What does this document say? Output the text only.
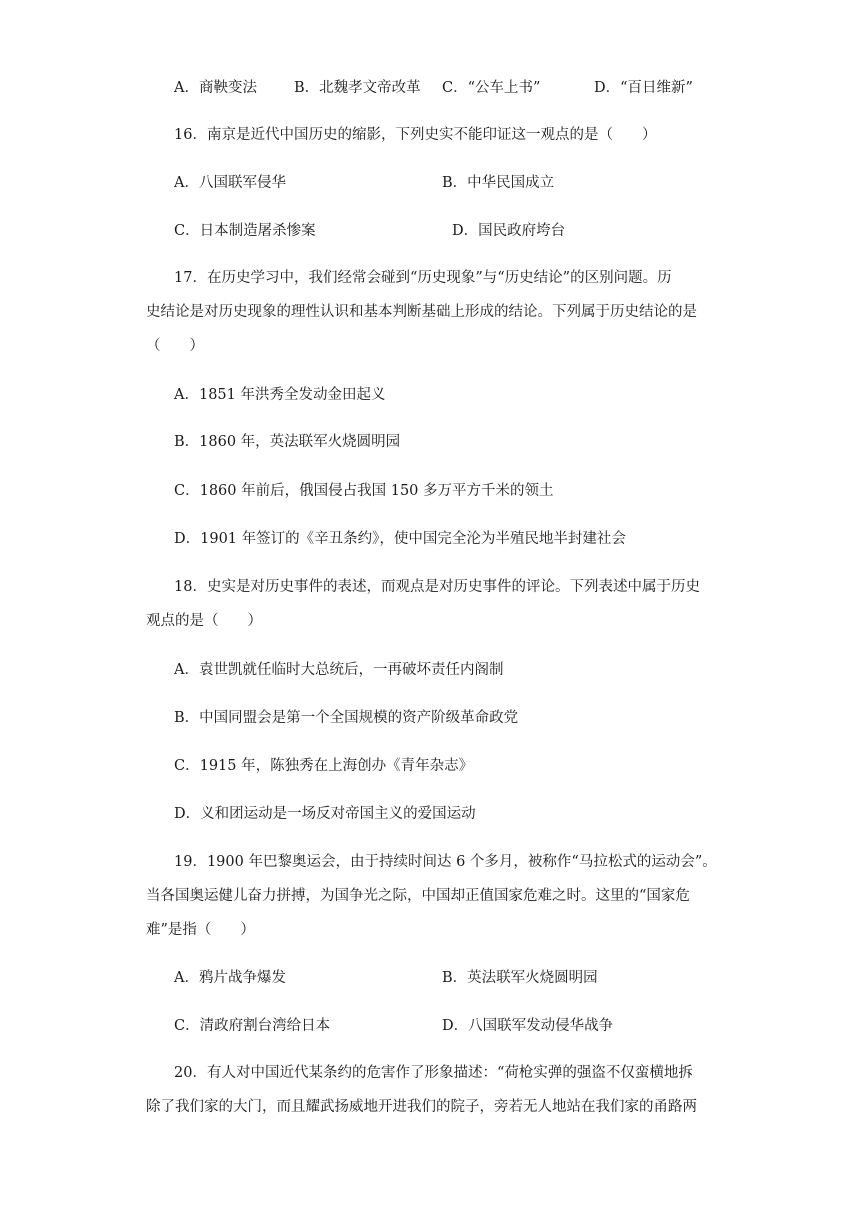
A．商鞅变法	B．北魏孝文帝改革 C．“公车上书”	D．“百日维新”
16．南京是近代中国历史的缩影，下列史实不能印证这一观点的是（　　）
A．八国联军侵华	B．中华民国成立
C．日本制造屠杀惨案	D．国民政府垮台
17．在历史学习中，我们经常会碰到“历史现象”与“历史结论”的区别问题。历
史结论是对历史现象的理性认识和基本判断基础上形成的结论。下列属于历史结论的是
（　　）
A．1851 年洪秀全发动金田起义
B．1860 年，英法联军火烧圆明园
C．1860 年前后，俄国侵占我国 150 多万平方千米的领土
D．1901 年签订的《辛丑条约》，使中国完全沦为半殖民地半封建社会
18．史实是对历史事件的表述，而观点是对历史事件的评论。下列表述中属于历史
观点的是（　　）
A．袁世凯就任临时大总统后，一再破坏责任内阁制
B．中国同盟会是第一个全国规模的资产阶级革命政党
C．1915 年，陈独秀在上海创办《青年杂志》
D．义和团运动是一场反对帝国主义的爱国运动
19．1900 年巴黎奥运会，由于持续时间达 6 个多月，被称作“马拉松式的运动会”。
当各国奥运健儿奋力拼搏，为国争光之际，中国却正值国家危难之时。这里的“国家危
难”是指（　　）
A．鸦片战争爆发	B．英法联军火烧圆明园
C．清政府割台湾给日本	D．八国联军发动侵华战争
20．有人对中国近代某条约的危害作了形象描述：“荷枪实弹的强盗不仅蛮横地拆
除了我们家的大门，而且耀武扬威地开进我们的院子，旁若无人地站在我们家的甬路两
